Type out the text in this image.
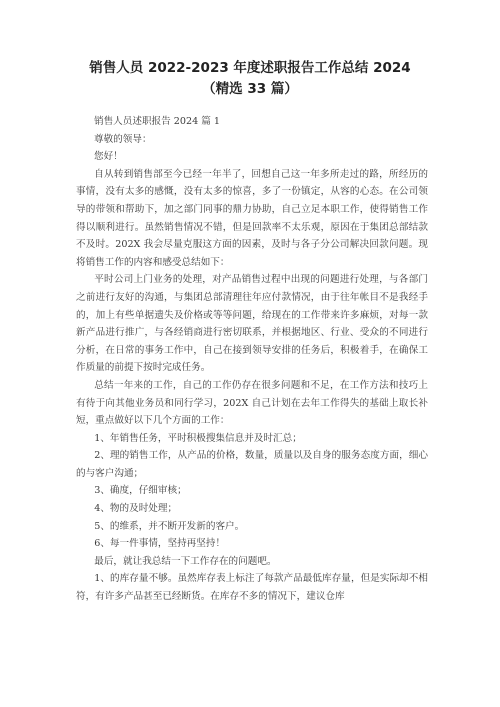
销售人员 2022-2023 年度述职报告工作总结 2024（精选 33 篇）

销售人员述职报告 2024 篇 1

尊敬的领导：

您好！

自从转到销售部至今已经一年半了，回想自己这一年多所走过的路，所经历的事情，没有太多的感慨，没有太多的惊喜，多了一份镇定，从容的心态。在公司领导的带领和帮助下，加之部门同事的鼎力协助，自己立足本职工作，使得销售工作得以顺利进行。虽然销售情况不错，但是回款率不太乐观，原因在于集团总部结款不及时。202X 我会尽量克服这方面的因素，及时与各子分公司解决回款问题。现将销售工作的内容和感受总结如下：

平时公司上门业务的处理，对产品销售过程中出现的问题进行处理，与各部门之前进行友好的沟通，与集团总部清理往年应付款情况，由于往年帐目不是我经手的，加上有些单据遗失及价格或等等问题，给现在的工作带来许多麻烦，对每一款新产品进行推广，与各经销商进行密切联系，并根据地区、行业、受众的不同进行分析，在日常的事务工作中，自己在接到领导安排的任务后，积极着手，在确保工作质量的前提下按时完成任务。

总结一年来的工作，自己的工作仍存在很多问题和不足，在工作方法和技巧上有待于向其他业务员和同行学习，202X 自己计划在去年工作得失的基础上取长补短，重点做好以下几个方面的工作：

1、年销售任务，平时积极搜集信息并及时汇总；

2、理的销售工作，从产品的价格，数量，质量以及自身的服务态度方面，细心的与客户沟通；

3、确度，仔细审核；

4、物的及时处理；

5、的维系，并不断开发新的客户。

6、每一件事情，坚持再坚持！

最后，就让我总结一下工作存在的问题吧。

1、的库存量不够。虽然库存表上标注了每款产品最低库存量，但是实际却不相符，有许多产品甚至已经断货。在库存不多的情况下，建议仓库
